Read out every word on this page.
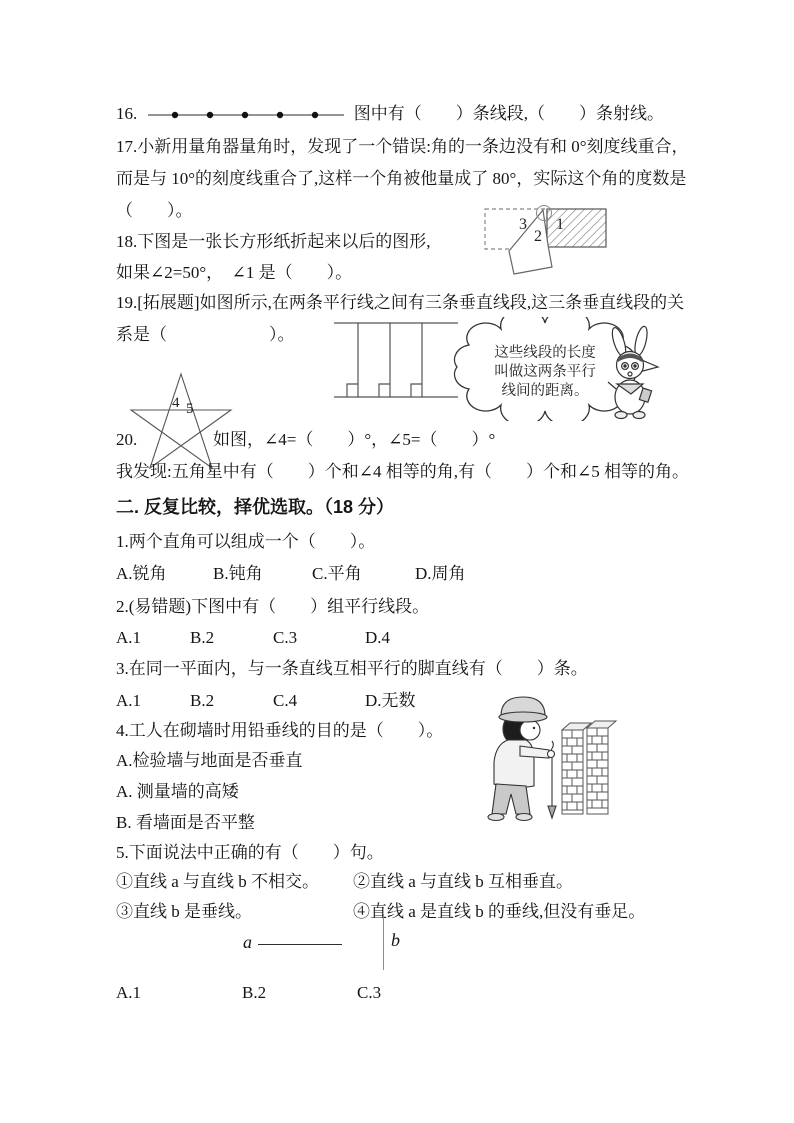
16.	图中有（　　）条线段,（　　）条射线。
17.小新用量角器量角时，发现了一个错误:角的一条边没有和 0°刻度线重合，
而是与 10°的刻度线重合了,这样一个角被他量成了 80°，实际这个角的度数是
（　　）。
18.下图是一张长方形纸折起来以后的图形,
如果∠2=50°，　∠1 是（　　）。
3
2
1
19.[拓展题]如图所示,在两条平行线之间有三条垂直线段,这三条垂直线段的关
系是（　　　　　　）。
这些线段的长度
叫做这两条平行
线间的距离。
4 5
20.	如图，∠4=（　　）°，∠5=（　　）°
我发现:五角星中有（　　）个和∠4 相等的角,有（　　）个和∠5 相等的角。
二. 反复比较，择优选取。（18 分）
1.两个直角可以组成一个（　　）。
A.锐角	B.钝角	C.平角	D.周角
2.(易错题)下图中有（　　）组平行线段。
A.1	B.2	C.3	D.4
3.在同一平面内，与一条直线互相平行的脚直线有（　　）条。
A.1	B.2	C.4	D.无数
4.工人在砌墙时用铅垂线的目的是（　　）。
A.检验墙与地面是否垂直
A. 测量墙的高矮
B. 看墙面是否平整
5.下面说法中正确的有（　　）句。
①直线 a 与直线 b 不相交。 ②直线 a 与直线 b 互相垂直。
③直线 b 是垂线。	④直线 a 是直线 b 的垂线,但没有垂足。
a	b
A.1	B.2	C.3
